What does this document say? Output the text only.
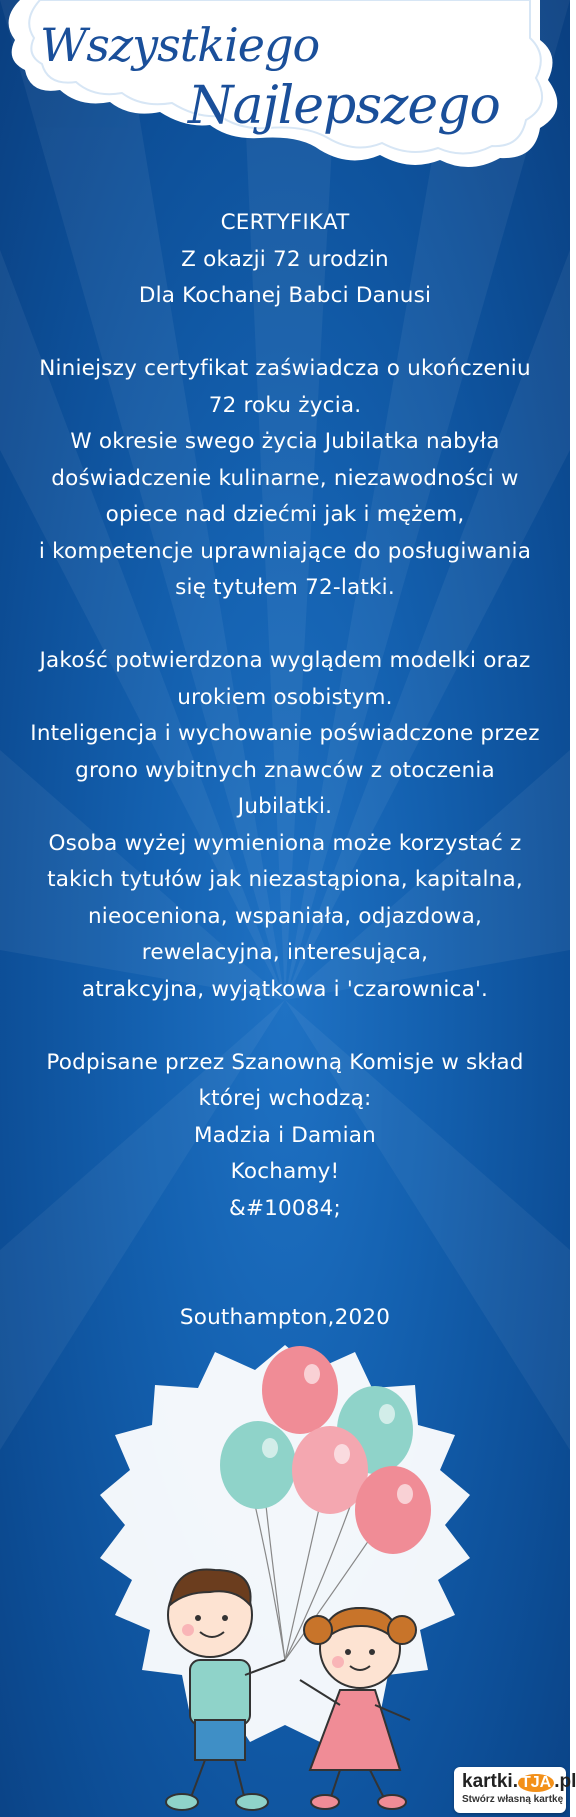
Wszystkiego
Najlepszego
CERTYFIKAT
Z okazji 72 urodzin
Dla Kochanej Babci Danusi

Niniejszy certyfikat zaświadcza o ukończeniu
72 roku życia.
W okresie swego życia Jubilatka nabyła
doświadczenie kulinarne, niezawodności w
opiece nad dziećmi jak i mężem,
i kompetencje uprawniające do posługiwania
się tytułem 72-latki.

Jakość potwierdzona wyglądem modelki oraz
urokiem osobistym.
Inteligencja i wychowanie poświadczone przez
grono wybitnych znawców z otoczenia
Jubilatki.
Osoba wyżej wymieniona może korzystać z
takich tytułów jak niezastąpiona, kapitalna,
nieoceniona, wspaniała, odjazdowa,
rewelacyjna, interesująca,
atrakcyjna, wyjątkowa i 'czarownica'.

Podpisane przez Szanowną Komisje w skład
której wchodzą:
Madzia i Damian
Kochamy!
&#10084;

Southampton,2020
kartki. TJA .pl
Stwórz własną kartkę
